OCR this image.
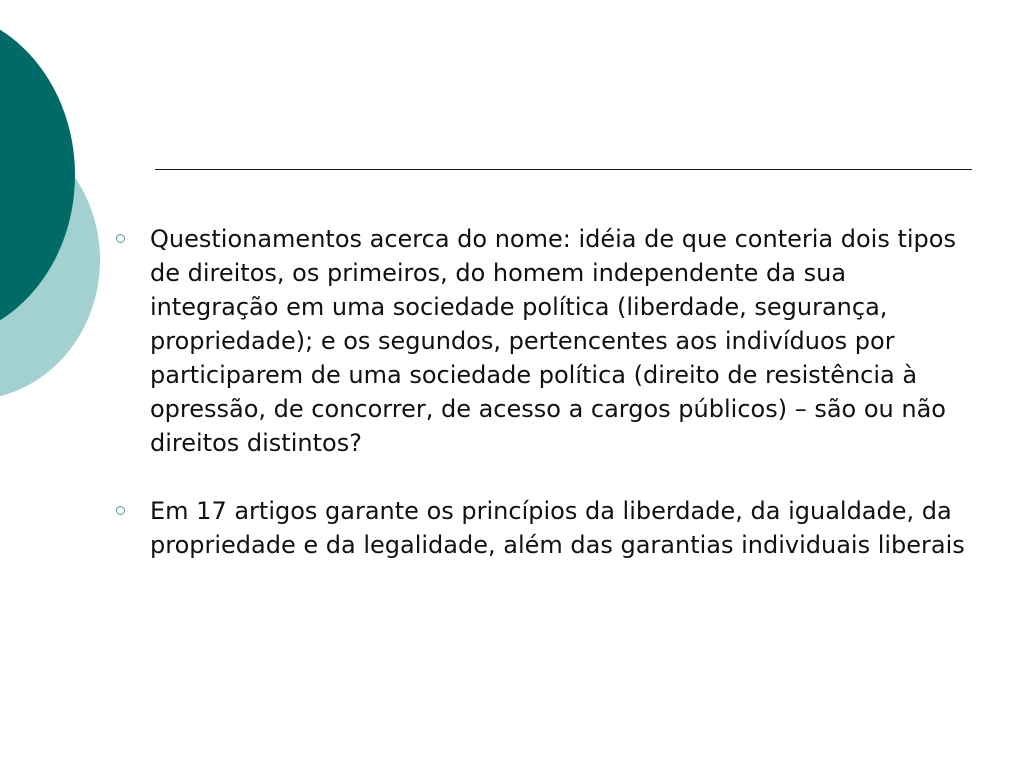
Questionamentos acerca do nome: idéia de que conteria dois tipos de direitos, os primeiros, do homem independente da sua integração em uma sociedade política (liberdade, segurança, propriedade); e os segundos, pertencentes aos indivíduos por participarem de uma sociedade política (direito de resistência à opressão, de concorrer, de acesso a cargos públicos) – são ou não direitos distintos?
Em 17 artigos garante os princípios da liberdade, da igualdade, da propriedade e da legalidade, além das garantias individuais liberais
